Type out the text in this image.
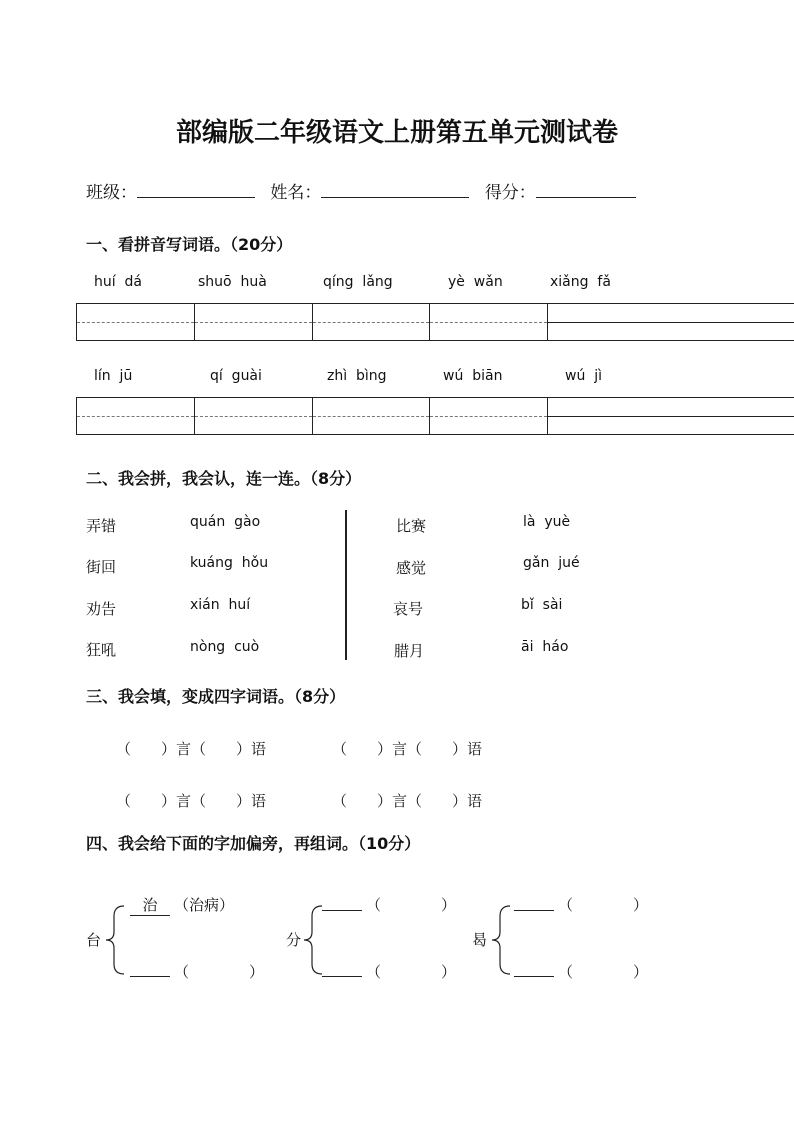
部编版二年级语文上册第五单元测试卷
班级：	姓名：	得分：
一、看拼音写词语。（20分）
huí  dá	shuō  huà	qíng  lǎng	yè  wǎn	xiǎng  fǎ
lín  jū	qí  guài	zhì  bìng	wú  biān	wú  jì
二、我会拼，我会认，连一连。（8分）
弄错
街回
劝告
狂吼
quán  gào
kuáng  hǒu
xián  huí
nòng  cuò
比赛
感觉
哀号
腊月
là  yuè
gǎn  jué
bǐ  sài
āi  háo
三、我会填，变成四字词语。（8分）
（　　）言（　　）语	（　　）言（　　）语
（　　）言（　　）语	（　　）言（　　）语
四、我会给下面的字加偏旁，再组词。（10分）
台
治	（治病）
（　　　　）
分
（　　　　）
（　　　　）
曷
（　　　　）
（　　　　）
